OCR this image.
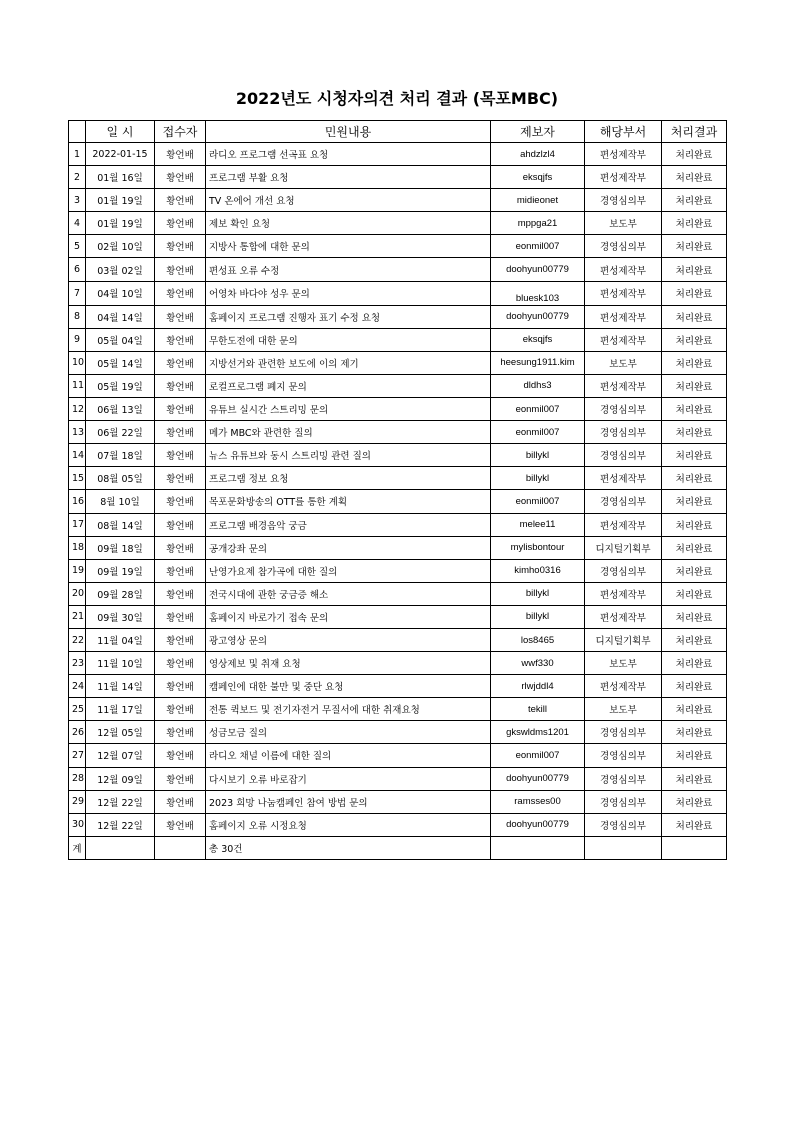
2022년도 시청자의견 처리 결과 (목포MBC)
	일 시	접수자	민원내용	제보자	해당부서	처리결과
1	2022-01-15	황언배	라디오 프로그램 선곡표 요청	ahdzlzl4	편성제작부	처리완료
2	01월 16일	황언배	프로그램 부활 요청	eksqjfs	편성제작부	처리완료
3	01월 19일	황언배	TV 온에어 개선 요청	midieonet	경영심의부	처리완료
4	01월 19일	황언배	제보 확인 요청	mppga21	보도부	처리완료
5	02월 10일	황언배	지방사 통합에 대한 문의	eonmil007	경영심의부	처리완료
6	03월 02일	황언배	편성표 오류 수정	doohyun00779	편성제작부	처리완료
7	04월 10일	황언배	어영차 바다야 성우 문의	bluesk103	편성제작부	처리완료
8	04월 14일	황언배	홈페이지 프로그램 진행자 표기 수정 요청	doohyun00779	편성제작부	처리완료
9	05월 04일	황언배	무한도전에 대한 문의	eksqjfs	편성제작부	처리완료
10	05월 14일	황언배	지방선거와 관련한 보도에 이의 제기	heesung1911.kim	보도부	처리완료
11	05월 19일	황언배	로컬프로그램 폐지 문의	dldhs3	편성제작부	처리완료
12	06월 13일	황언배	유튜브 실시간 스트리밍 문의	eonmil007	경영심의부	처리완료
13	06월 22일	황언배	메가 MBC와 관련한 질의	eonmil007	경영심의부	처리완료
14	07월 18일	황언배	뉴스 유튜브와 동시 스트리밍 관련 질의	billykl	경영심의부	처리완료
15	08월 05일	황언배	프로그램 정보 요청	billykl	편성제작부	처리완료
16	8월 10일	황언배	목포문화방송의 OTT를 통한 계획	eonmil007	경영심의부	처리완료
17	08월 14일	황언배	프로그램 배경음악 궁금	melee11	편성제작부	처리완료
18	09월 18일	황언배	공개강좌 문의	mylisbontour	디지털기획부	처리완료
19	09월 19일	황언배	난영가요제 참가곡에 대한 질의	kimho0316	경영심의부	처리완료
20	09월 28일	황언배	전국시대에 관한 궁금증 해소	billykl	편성제작부	처리완료
21	09월 30일	황언배	홈페이지 바로가기 접속 문의	billykl	편성제작부	처리완료
22	11월 04일	황언배	광고영상 문의	los8465	디지털기획부	처리완료
23	11월 10일	황언배	영상제보 및 취재 요청	wwf330	보도부	처리완료
24	11월 14일	황언배	캠페인에 대한 불만 및 중단 요청	rlwjddl4	편성제작부	처리완료
25	11월 17일	황언배	전통 퀵보드 및 전기자전거 무질서에 대한 취재요청	tekill	보도부	처리완료
26	12월 05일	황언배	성금모금 질의	gkswldms1201	경영심의부	처리완료
27	12월 07일	황언배	라디오 채널 이름에 대한 질의	eonmil007	경영심의부	처리완료
28	12월 09일	황언배	다시보기 오류 바로잡기	doohyun00779	경영심의부	처리완료
29	12월 22일	황언배	2023 희망 나눔캠페인 참여 방법 문의	ramsses00	경영심의부	처리완료
30	12월 22일	황언배	홈페이지 오류 시정요청	doohyun00779	경영심의부	처리완료
계			총 30건			
